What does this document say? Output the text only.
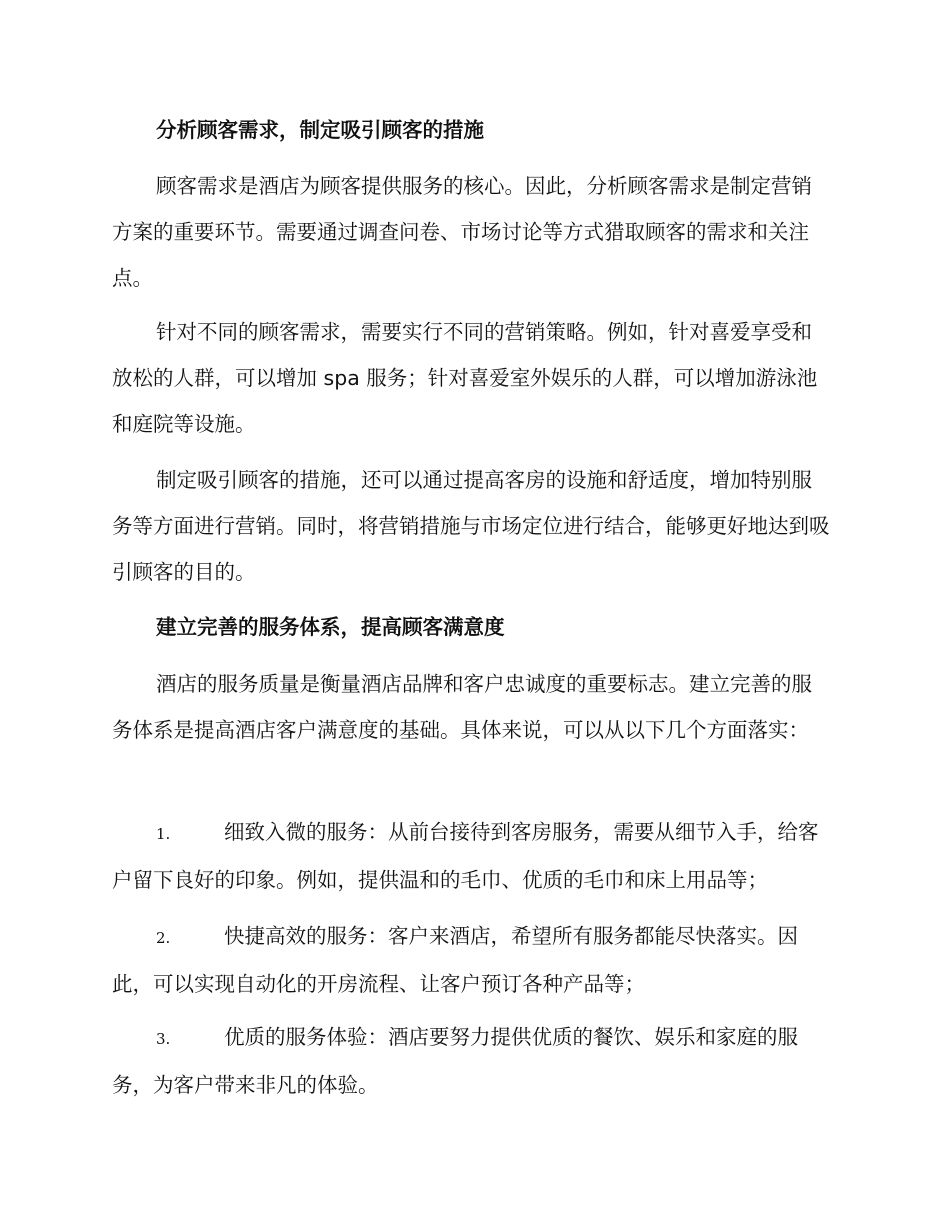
分析顾客需求，制定吸引顾客的措施

顾客需求是酒店为顾客提供服务的核心。因此，分析顾客需求是制定营销方案的重要环节。需要通过调查问卷、市场讨论等方式猎取顾客的需求和关注点。

针对不同的顾客需求，需要实行不同的营销策略。例如，针对喜爱享受和放松的人群，可以增加 spa 服务；针对喜爱室外娱乐的人群，可以增加游泳池和庭院等设施。

制定吸引顾客的措施，还可以通过提高客房的设施和舒适度，增加特别服务等方面进行营销。同时，将营销措施与市场定位进行结合，能够更好地达到吸引顾客的目的。

建立完善的服务体系，提高顾客满意度

酒店的服务质量是衡量酒店品牌和客户忠诚度的重要标志。建立完善的服务体系是提高酒店客户满意度的基础。具体来说，可以从以下几个方面落实：

1.	细致入微的服务：从前台接待到客房服务，需要从细节入手，给客户留下良好的印象。例如，提供温和的毛巾、优质的毛巾和床上用品等；

2.	快捷高效的服务：客户来酒店，希望所有服务都能尽快落实。因此，可以实现自动化的开房流程、让客户预订各种产品等；

3.	优质的服务体验：酒店要努力提供优质的餐饮、娱乐和家庭的服务，为客户带来非凡的体验。
